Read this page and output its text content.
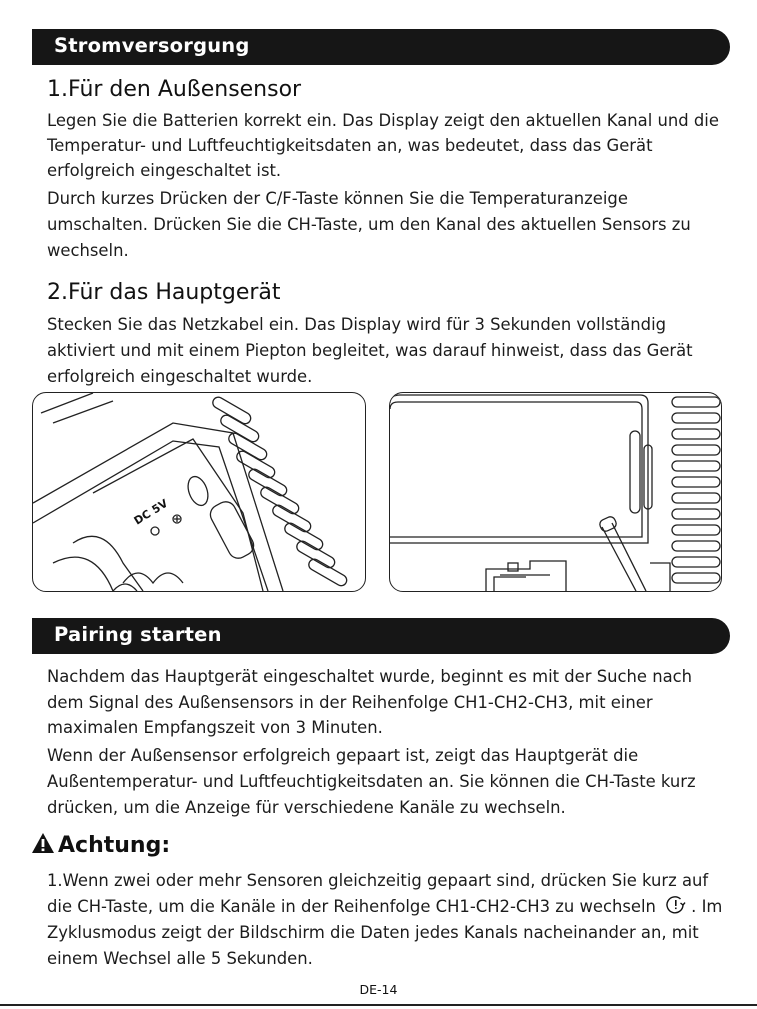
Stromversorgung
1.Für den Außensensor
Legen Sie die Batterien korrekt ein. Das Display zeigt den aktuellen Kanal und die
Temperatur- und Luftfeuchtigkeitsdaten an, was bedeutet, dass das Gerät
erfolgreich eingeschaltet ist.
Durch kurzes Drücken der C/F-Taste können Sie die Temperaturanzeige
umschalten. Drücken Sie die CH-Taste, um den Kanal des aktuellen Sensors zu
wechseln.
2.Für das Hauptgerät
Stecken Sie das Netzkabel ein. Das Display wird für 3 Sekunden vollständig
aktiviert und mit einem Piepton begleitet, was darauf hinweist, dass das Gerät
erfolgreich eingeschaltet wurde.
DC 5V
Pairing starten
Nachdem das Hauptgerät eingeschaltet wurde, beginnt es mit der Suche nach
dem Signal des Außensensors in der Reihenfolge CH1-CH2-CH3, mit einer
maximalen Empfangszeit von 3 Minuten.
Wenn der Außensensor erfolgreich gepaart ist, zeigt das Hauptgerät die
Außentemperatur- und Luftfeuchtigkeitsdaten an. Sie können die CH-Taste kurz
drücken, um die Anzeige für verschiedene Kanäle zu wechseln.
Achtung:
1.Wenn zwei oder mehr Sensoren gleichzeitig gepaart sind, drücken Sie kurz auf
die CH-Taste, um die Kanäle in der Reihenfolge CH1-CH2-CH3 zu wechseln . Im
Zyklusmodus zeigt der Bildschirm die Daten jedes Kanals nacheinander an, mit
einem Wechsel alle 5 Sekunden.
DE-14
